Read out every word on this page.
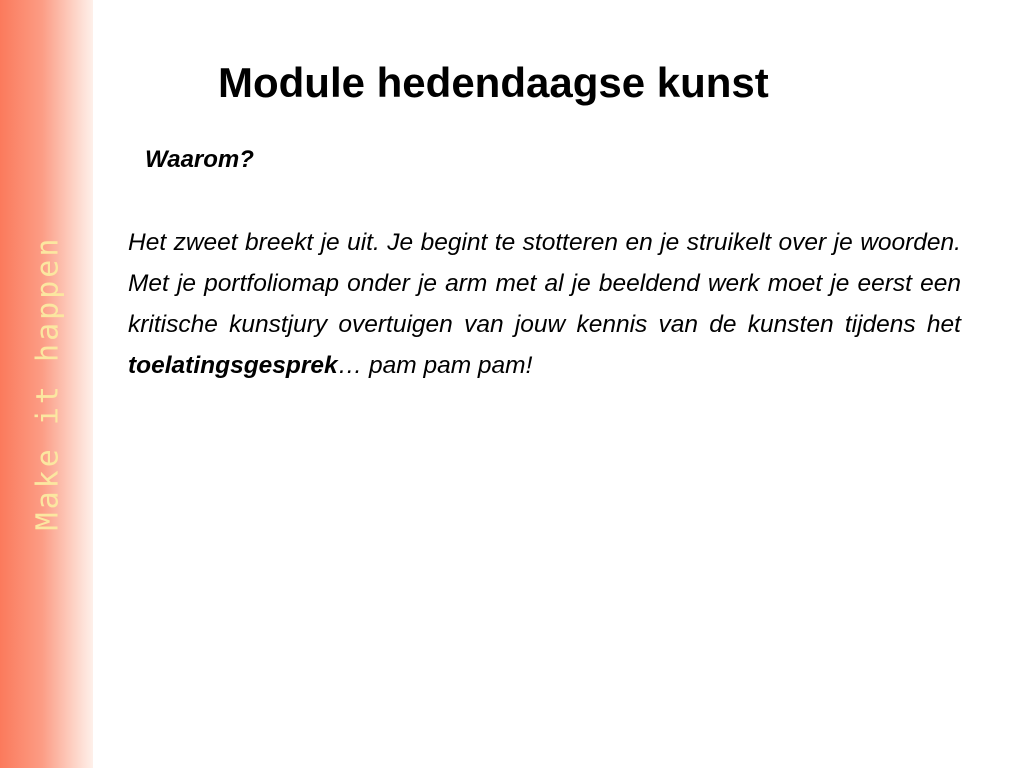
Make it happen
Module hedendaagse kunst

Waarom?

Het zweet breekt je uit. Je begint te stotteren en je struikelt over je woorden. Met je portfoliomap onder je arm met al je beeldend werk moet je eerst een kritische kunstjury overtuigen van jouw kennis van de kunsten tijdens het toelatingsgesprek… pam pam pam!
